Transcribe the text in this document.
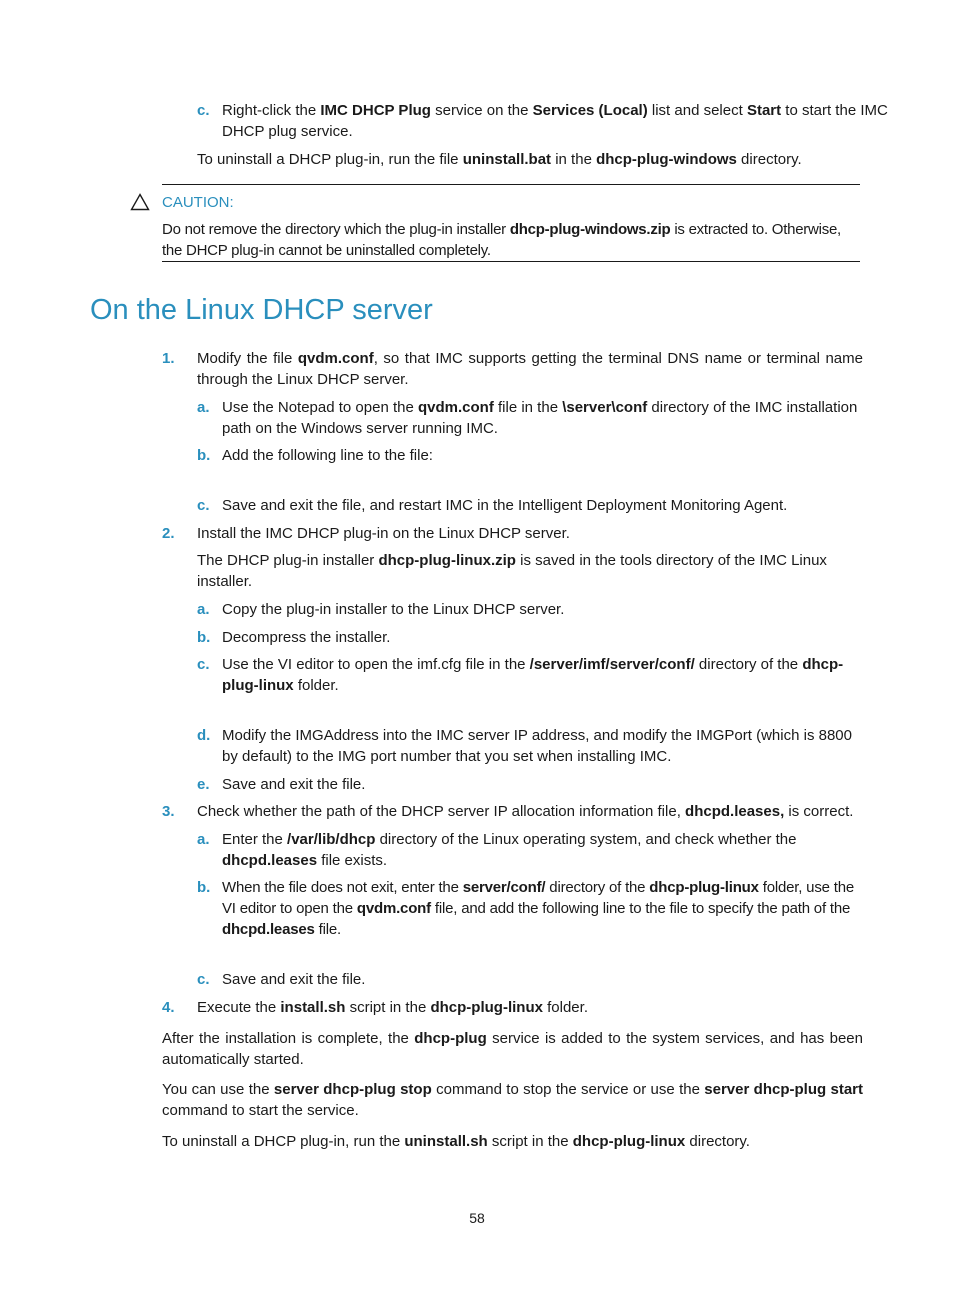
c. Right-click the IMC DHCP Plug service on the Services (Local) list and select Start to start the IMC
DHCP plug service.
To uninstall a DHCP plug-in, run the file uninstall.bat in the dhcp-plug-windows directory.
CAUTION:
Do not remove the directory which the plug-in installer dhcp-plug-windows.zip is extracted to. Otherwise, the DHCP plug-in cannot be uninstalled completely.
On the Linux DHCP server
1. Modify the file qvdm.conf, so that IMC supports getting the terminal DNS name or terminal name through the Linux DHCP server.
a. Use the Notepad to open the qvdm.conf file in the \server\conf directory of the IMC installation path on the Windows server running IMC.
b. Add the following line to the file:
c. Save and exit the file, and restart IMC in the Intelligent Deployment Monitoring Agent.
2. Install the IMC DHCP plug-in on the Linux DHCP server.
The DHCP plug-in installer dhcp-plug-linux.zip is saved in the tools directory of the IMC Linux installer.
a. Copy the plug-in installer to the Linux DHCP server.
b. Decompress the installer.
c. Use the VI editor to open the imf.cfg file in the /server/imf/server/conf/ directory of the dhcp-plug-linux folder.
d. Modify the IMGAddress into the IMC server IP address, and modify the IMGPort (which is 8800 by default) to the IMG port number that you set when installing IMC.
e. Save and exit the file.
3. Check whether the path of the DHCP server IP allocation information file, dhcpd.leases, is correct.
a. Enter the /var/lib/dhcp directory of the Linux operating system, and check whether the dhcpd.leases file exists.
b. When the file does not exit, enter the server/conf/ directory of the dhcp-plug-linux folder, use the VI editor to open the qvdm.conf file, and add the following line to the file to specify the path of the dhcpd.leases file.
c. Save and exit the file.
4. Execute the install.sh script in the dhcp-plug-linux folder.
After the installation is complete, the dhcp-plug service is added to the system services, and has been automatically started.
You can use the server dhcp-plug stop command to stop the service or use the server dhcp-plug start command to start the service.
To uninstall a DHCP plug-in, run the uninstall.sh script in the dhcp-plug-linux directory.
58
